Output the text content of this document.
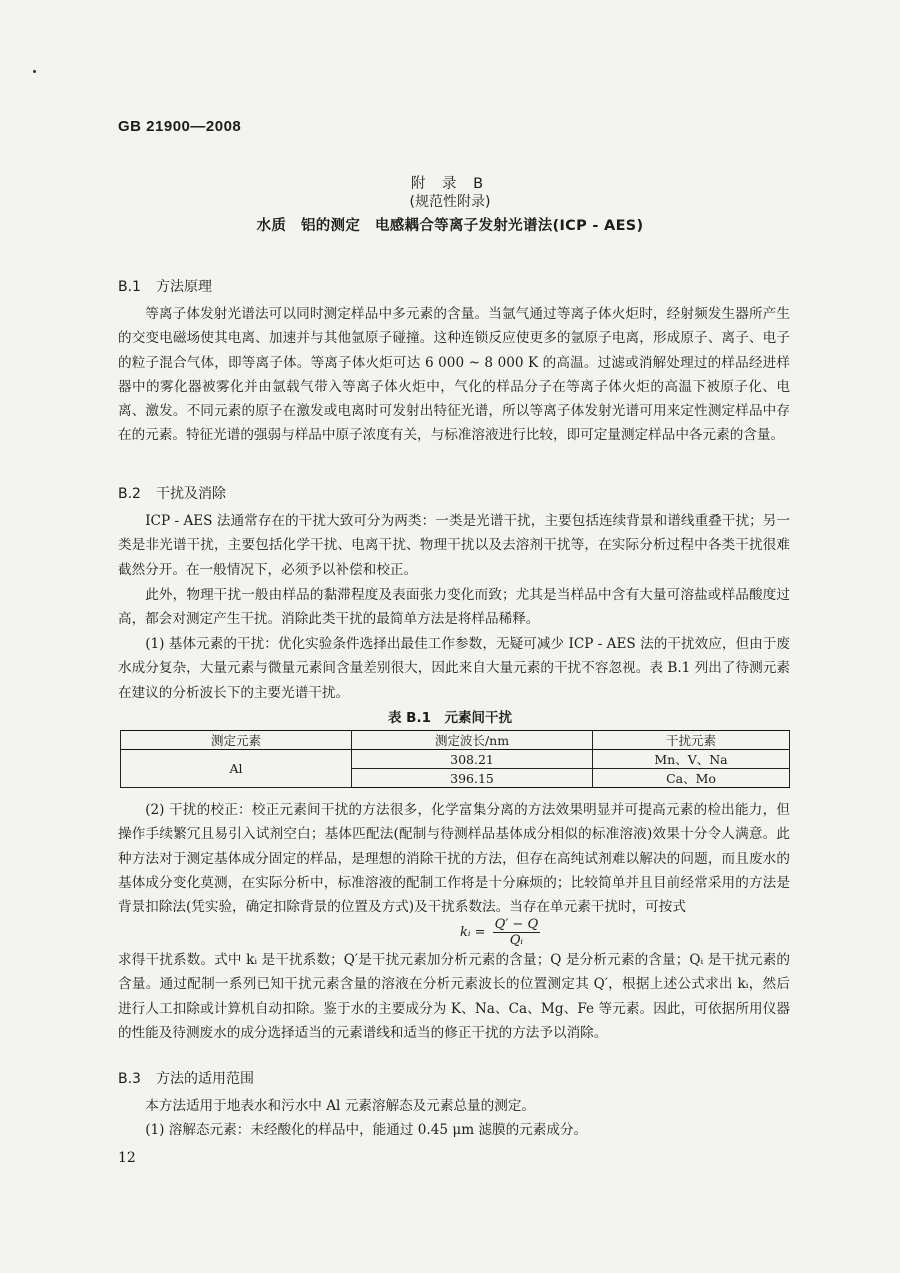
GB 21900—2008
附 录 B
(规范性附录)
水质　铝的测定　电感耦合等离子发射光谱法(ICP - AES)
B.1 方法原理

等离子体发射光谱法可以同时测定样品中多元素的含量。当氩气通过等离子体火炬时，经射频发生器所产生的交变电磁场使其电离、加速并与其他氩原子碰撞。这种连锁反应使更多的氩原子电离，形成原子、离子、电子的粒子混合气体，即等离子体。等离子体火炬可达 6 000 ~ 8 000 K 的高温。过滤或消解处理过的样品经进样器中的雾化器被雾化并由氩载气带入等离子体火炬中，气化的样品分子在等离子体火炬的高温下被原子化、电离、激发。不同元素的原子在激发或电离时可发射出特征光谱，所以等离子体发射光谱可用来定性测定样品中存在的元素。特征光谱的强弱与样品中原子浓度有关，与标准溶液进行比较，即可定量测定样品中各元素的含量。

B.2 干扰及消除

ICP - AES 法通常存在的干扰大致可分为两类：一类是光谱干扰，主要包括连续背景和谱线重叠干扰；另一类是非光谱干扰，主要包括化学干扰、电离干扰、物理干扰以及去溶剂干扰等，在实际分析过程中各类干扰很难截然分开。在一般情况下，必须予以补偿和校正。

此外，物理干扰一般由样品的黏滞程度及表面张力变化而致；尤其是当样品中含有大量可溶盐或样品酸度过高，都会对测定产生干扰。消除此类干扰的最简单方法是将样品稀释。

(1) 基体元素的干扰：优化实验条件选择出最佳工作参数，无疑可减少 ICP - AES 法的干扰效应，但由于废水成分复杂，大量元素与微量元素间含量差别很大，因此来自大量元素的干扰不容忽视。表 B.1 列出了待测元素在建议的分析波长下的主要光谱干扰。

表 B.1　元素间干扰
测定元素	测定波长/nm	干扰元素
Al	308.21	Mn、V、Na
	396.15	Ca、Mo

(2) 干扰的校正：校正元素间干扰的方法很多，化学富集分离的方法效果明显并可提高元素的检出能力，但操作手续繁冗且易引入试剂空白；基体匹配法(配制与待测样品基体成分相似的标准溶液)效果十分令人满意。此种方法对于测定基体成分固定的样品，是理想的消除干扰的方法，但存在高纯试剂难以解决的问题，而且废水的基体成分变化莫测，在实际分析中，标准溶液的配制工作将是十分麻烦的；比较简单并且目前经常采用的方法是背景扣除法(凭实验，确定扣除背景的位置及方式)及干扰系数法。当存在单元素干扰时，可按式

kᵢ = $\frac{Q' - Q}{\text{Qᵢ}}$

求得干扰系数。式中 kᵢ 是干扰系数；Q′是干扰元素加分析元素的含量；Q 是分析元素的含量；Qᵢ 是干扰元素的含量。通过配制一系列已知干扰元素含量的溶液在分析元素波长的位置测定其 Q′，根据上述公式求出 kᵢ，然后进行人工扣除或计算机自动扣除。鉴于水的主要成分为 K、Na、Ca、Mg、Fe 等元素。因此，可依据所用仪器的性能及待测废水的成分选择适当的元素谱线和适当的修正干扰的方法予以消除。

B.3 方法的适用范围

本方法适用于地表水和污水中 Al 元素溶解态及元素总量的测定。

(1) 溶解态元素：未经酸化的样品中，能通过 0.45 μm 滤膜的元素成分。

12
